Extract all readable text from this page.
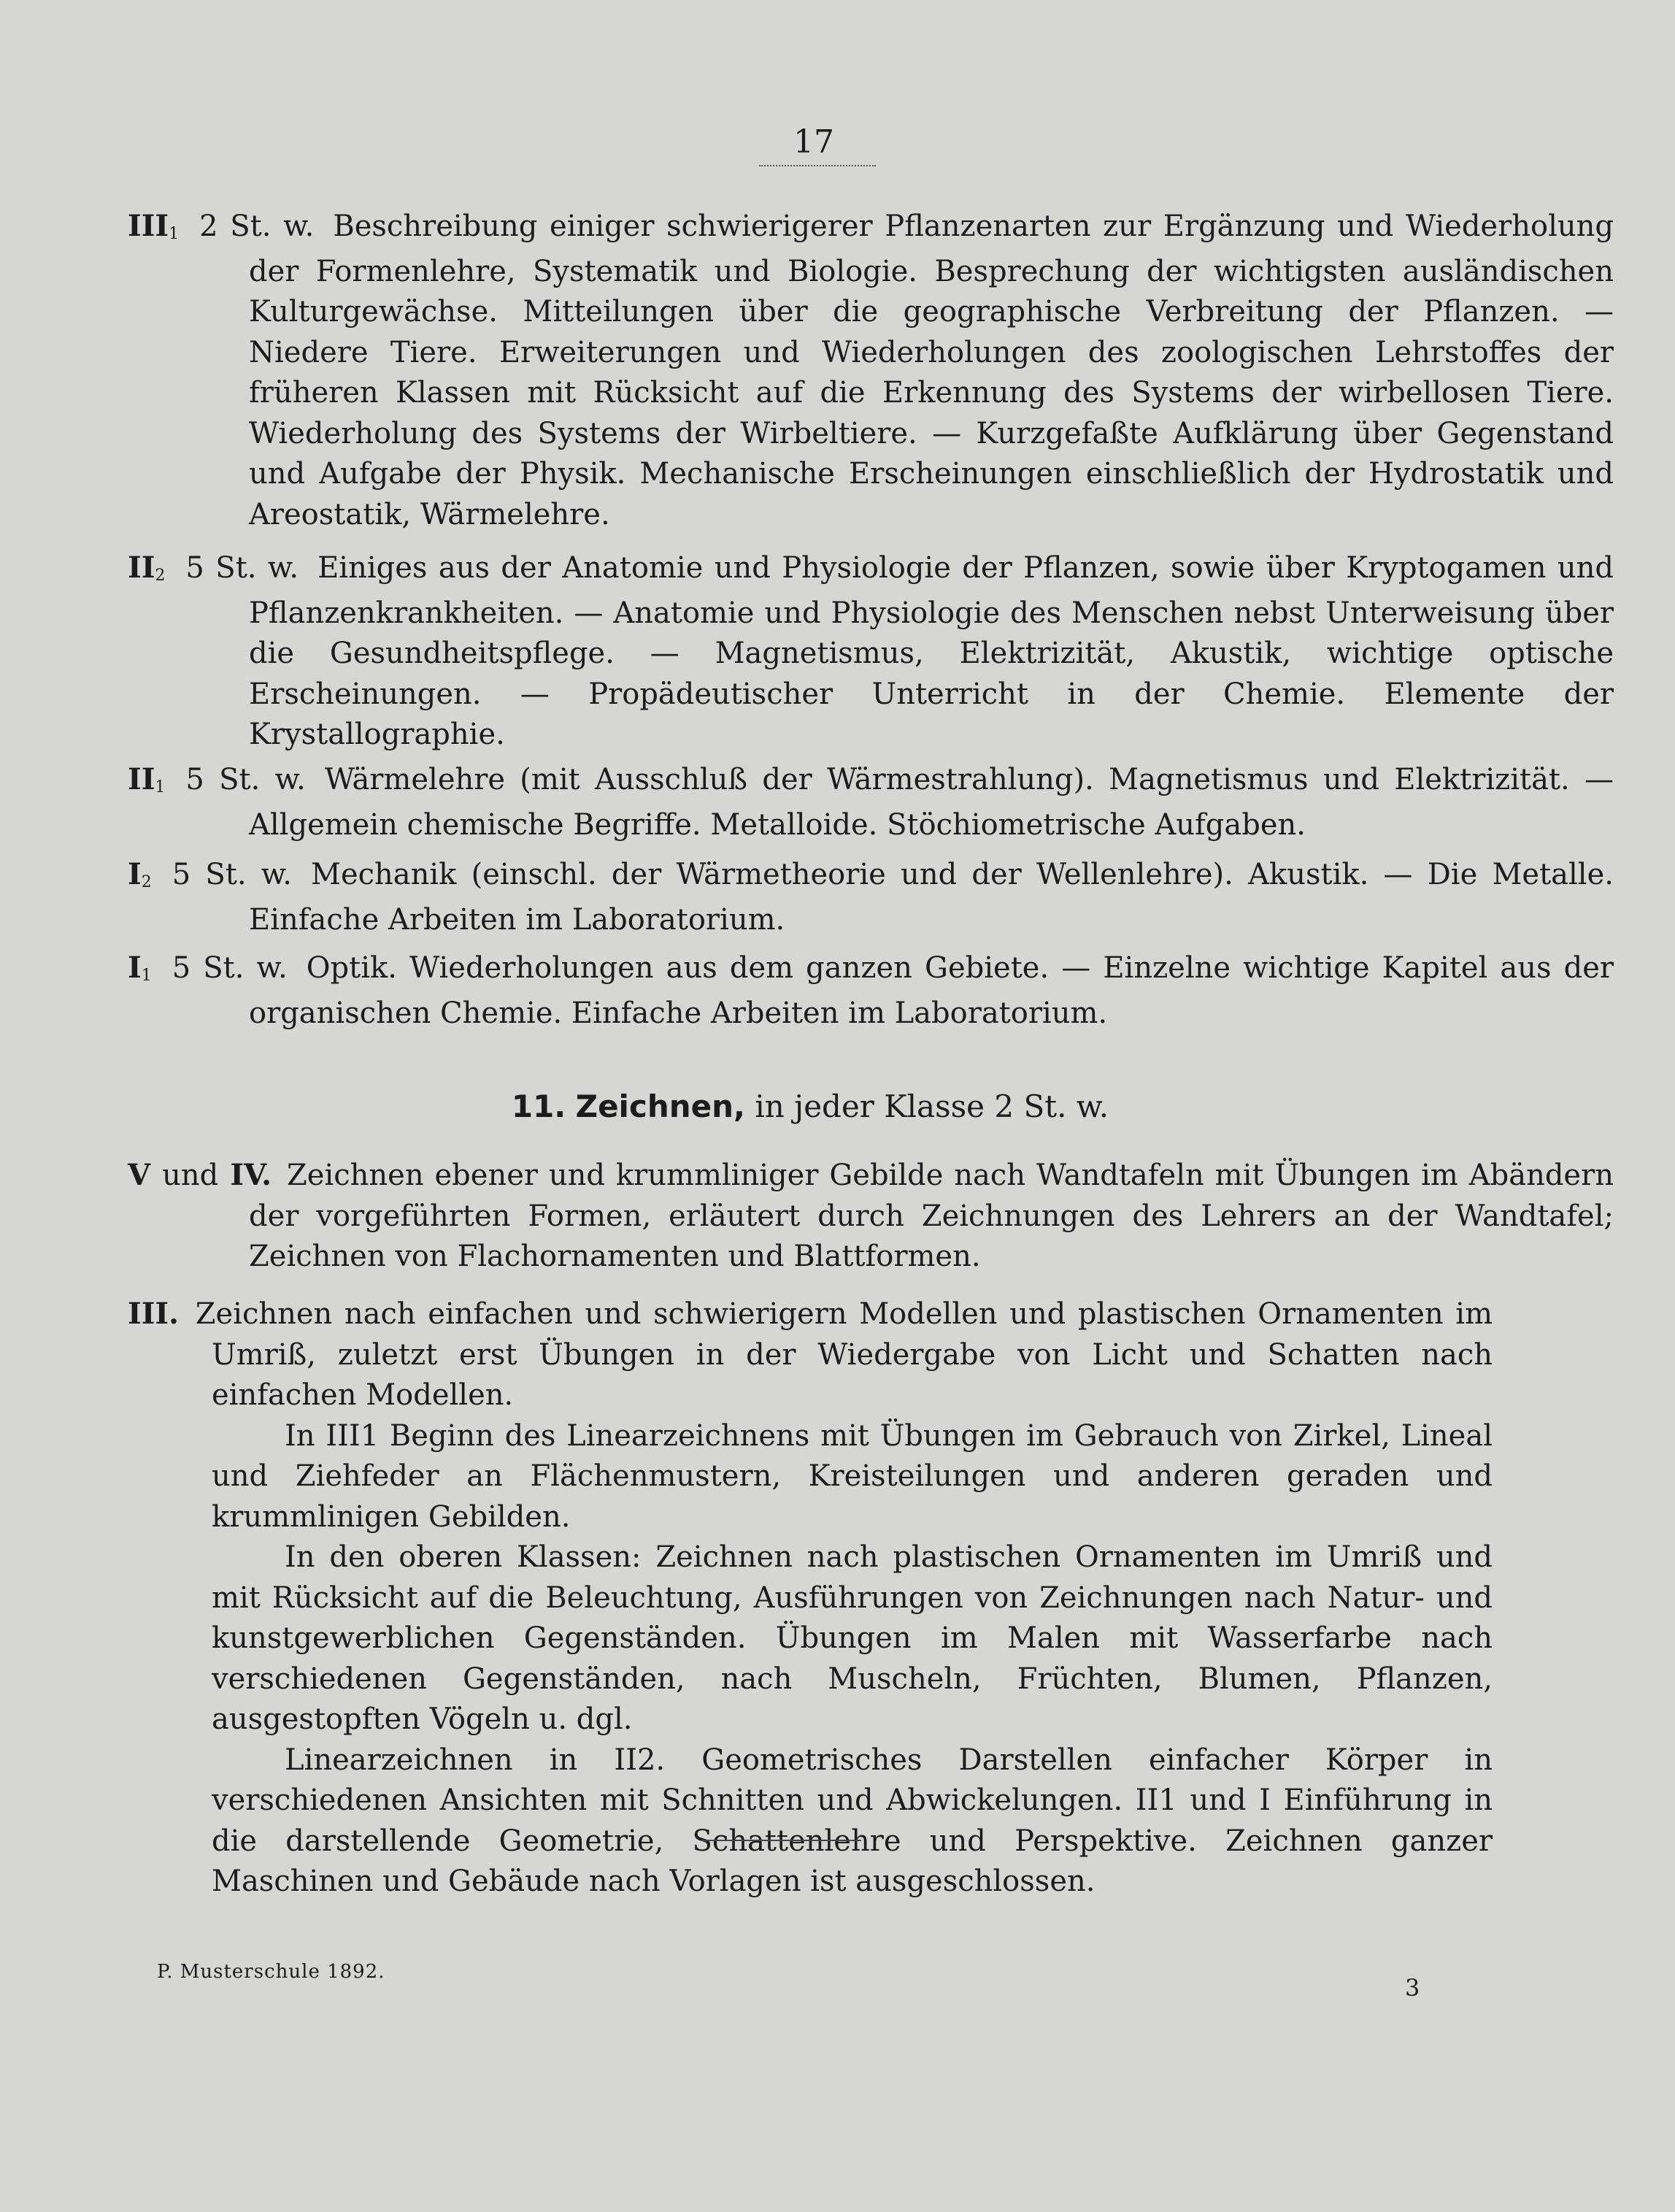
17
$III_1$ 2 St. w. Beschreibung einiger schwierigerer Pflanzenarten zur Ergänzung und Wiederholung der Formenlehre, Systematik und Biologie. Besprechung der wichtigsten ausländischen Kulturgewächse. Mitteilungen über die geographische Verbreitung der Pflanzen. — Niedere Tiere. Erweiterungen und Wiederholungen des zoologischen Lehrstoffes der früheren Klassen mit Rücksicht auf die Erkennung des Systems der wirbellosen Tiere. Wiederholung des Systems der Wirbeltiere. — Kurzgefaßte Aufklärung über Gegenstand und Aufgabe der Physik. Mechanische Erscheinungen einschließlich der Hydrostatik und Areostatik, Wärmelehre.
$II_2$ 5 St. w. Einiges aus der Anatomie und Physiologie der Pflanzen, sowie über Kryptogamen und Pflanzenkrankheiten. — Anatomie und Physiologie des Menschen nebst Unterweisung über die Gesundheitspflege. — Magnetismus, Elektrizität, Akustik, wichtige optische Erscheinungen. — Propädeutischer Unterricht in der Chemie. Elemente der Krystallographie.
$II_1$ 5 St. w. Wärmelehre (mit Ausschluß der Wärmestrahlung). Magnetismus und Elektrizität. — Allgemein chemische Begriffe. Metalloide. Stöchiometrische Aufgaben.
$I_2$ 5 St. w. Mechanik (einschl. der Wärmetheorie und der Wellenlehre). Akustik. — Die Metalle. Einfache Arbeiten im Laboratorium.
$I_1$ 5 St. w. Optik. Wiederholungen aus dem ganzen Gebiete. — Einzelne wichtige Kapitel aus der organischen Chemie. Einfache Arbeiten im Laboratorium.
11. Zeichnen, in jeder Klasse 2 St. w.
V und IV. Zeichnen ebener und krummliniger Gebilde nach Wandtafeln mit Übungen im Abändern der vorgeführten Formen, erläutert durch Zeichnungen des Lehrers an der Wandtafel; Zeichnen von Flachornamenten und Blattformen.
III. Zeichnen nach einfachen und schwierigern Modellen und plastischen Ornamenten im Umriß, zuletzt erst Übungen in der Wiedergabe von Licht und Schatten nach einfachen Modellen.

In III1 Beginn des Linearzeichnens mit Übungen im Gebrauch von Zirkel, Lineal und Ziehfeder an Flächenmustern, Kreisteilungen und anderen geraden und krummlinigen Gebilden.

In den oberen Klassen: Zeichnen nach plastischen Ornamenten im Umriß und mit Rücksicht auf die Beleuchtung, Ausführungen von Zeichnungen nach Natur- und kunstgewerblichen Gegenständen. Übungen im Malen mit Wasserfarbe nach verschiedenen Gegenständen, nach Muscheln, Früchten, Blumen, Pflanzen, ausgestopften Vögeln u. dgl.

Linearzeichnen in II2. Geometrisches Darstellen einfacher Körper in verschiedenen Ansichten mit Schnitten und Abwickelungen. II1 und I Einführung in die darstellende Geometrie, Schattenlehre und Perspektive. Zeichnen ganzer Maschinen und Gebäude nach Vorlagen ist ausgeschlossen.

P. Musterschule 1892.
3
